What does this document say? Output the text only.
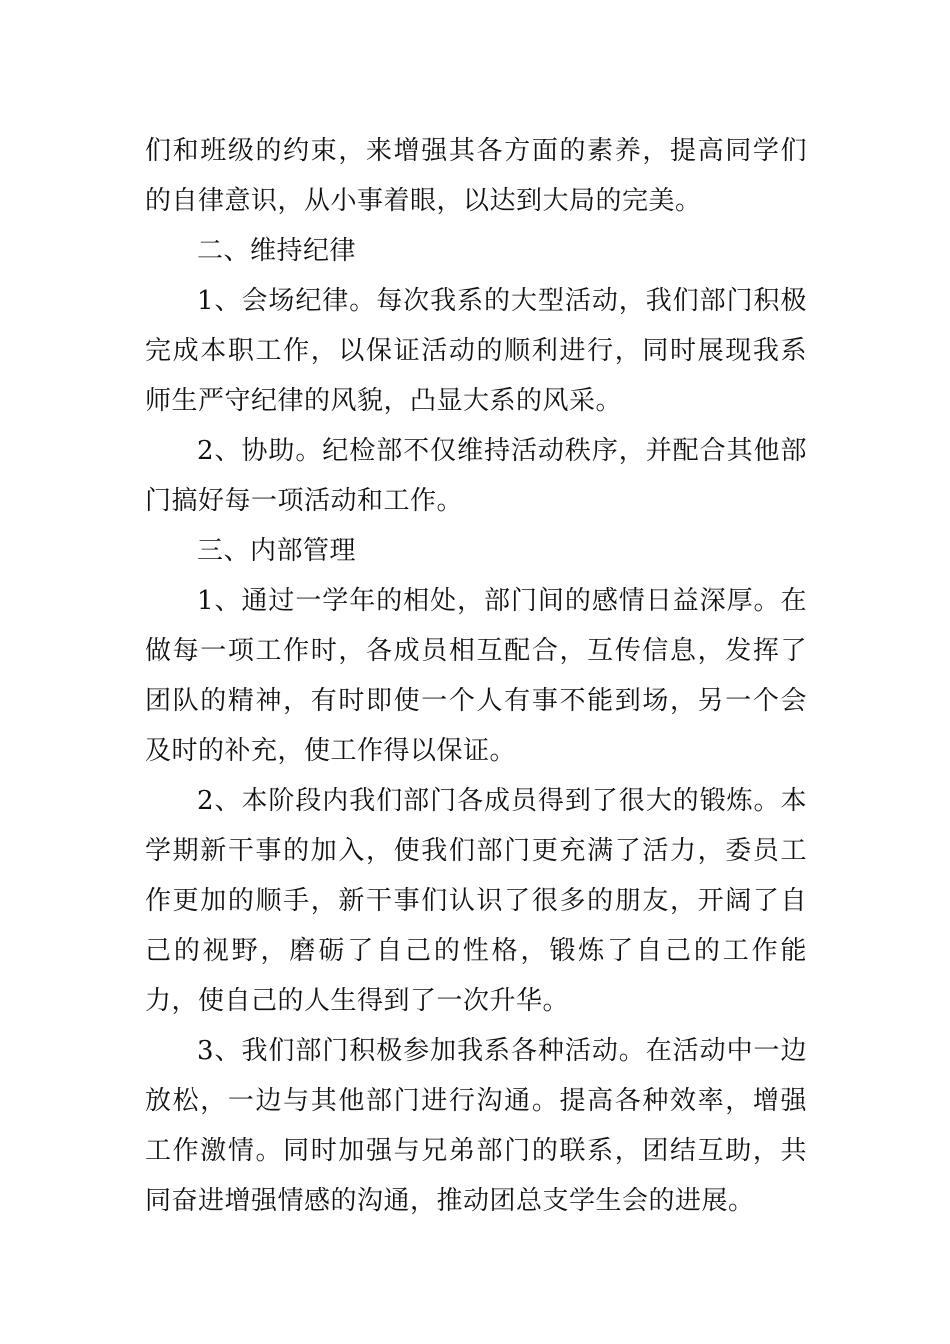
们和班级的约束，来增强其各方面的素养，提高同学们的自律意识，从小事着眼，以达到大局的完美。

二、维持纪律

1、会场纪律。每次我系的大型活动，我们部门积极完成本职工作，以保证活动的顺利进行，同时展现我系师生严守纪律的风貌，凸显大系的风采。

2、协助。纪检部不仅维持活动秩序，并配合其他部门搞好每一项活动和工作。

三、内部管理

1、通过一学年的相处，部门间的感情日益深厚。在做每一项工作时，各成员相互配合，互传信息，发挥了团队的精神，有时即使一个人有事不能到场，另一个会及时的补充，使工作得以保证。

2、本阶段内我们部门各成员得到了很大的锻炼。本学期新干事的加入，使我们部门更充满了活力，委员工作更加的顺手，新干事们认识了很多的朋友，开阔了自己的视野，磨砺了自己的性格，锻炼了自己的工作能力，使自己的人生得到了一次升华。

3、我们部门积极参加我系各种活动。在活动中一边放松，一边与其他部门进行沟通。提高各种效率，增强工作激情。同时加强与兄弟部门的联系，团结互助，共同奋进增强情感的沟通，推动团总支学生会的进展。
